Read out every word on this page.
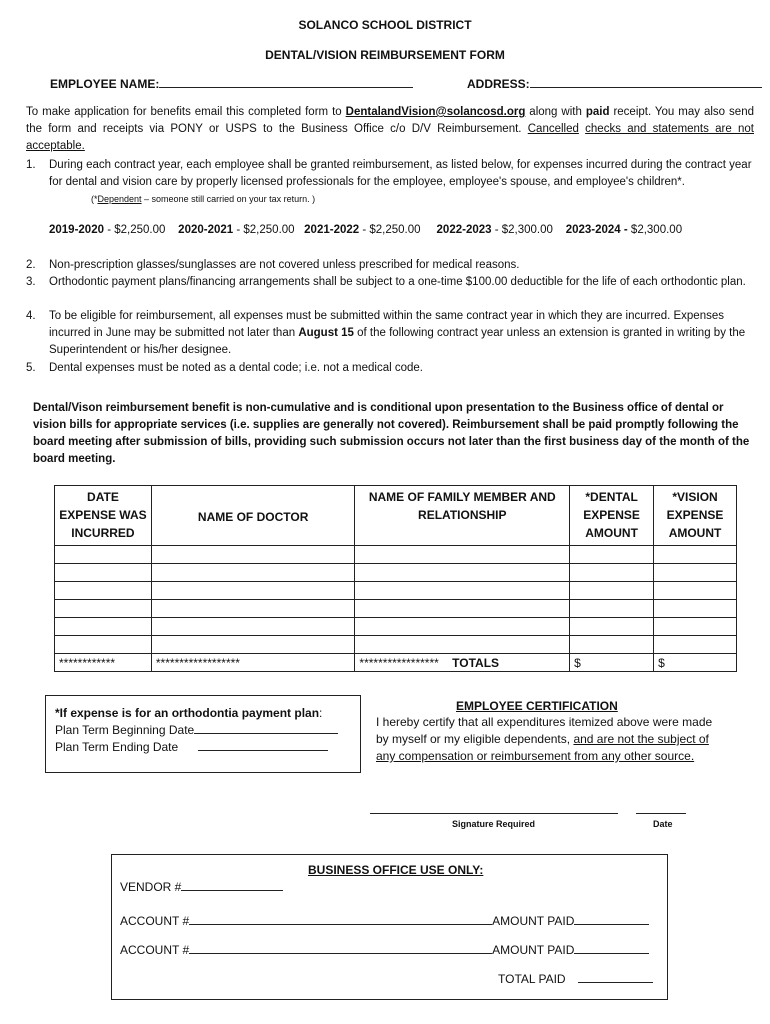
SOLANCO SCHOOL DISTRICT
DENTAL/VISION REIMBURSEMENT FORM
EMPLOYEE NAME:	ADDRESS:
To make application for benefits email this completed form to DentalandVision@solancosd.org along with paid receipt. You may also send the form and receipts via PONY or USPS to the Business Office c/o D/V Reimbursement. Cancelled checks and statements are not acceptable.
1. During each contract year, each employee shall be granted reimbursement, as listed below, for expenses incurred during the contract year for dental and vision care by properly licensed professionals for the employee, employee's spouse, and employee's children*. (*Dependent – someone still carried on your tax return. )
2019-2020 - $2,250.00 2020-2021 - $2,250.00 2021-2022 - $2,250.00 2022-2023 - $2,300.00 2023-2024 - $2,300.00
2. Non-prescription glasses/sunglasses are not covered unless prescribed for medical reasons.
3. Orthodontic payment plans/financing arrangements shall be subject to a one-time $100.00 deductible for the life of each orthodontic plan.
4. To be eligible for reimbursement, all expenses must be submitted within the same contract year in which they are incurred. Expenses incurred in June may be submitted not later than August 15 of the following contract year unless an extension is granted in writing by the Superintendent or his/her designee.
5. Dental expenses must be noted as a dental code; i.e. not a medical code.
Dental/Vison reimbursement benefit is non-cumulative and is conditional upon presentation to the Business office of dental or vision bills for appropriate services (i.e. supplies are generally not covered). Reimbursement shall be paid promptly following the board meeting after submission of bills, providing such submission occurs not later than the first business day of the month of the board meeting.
DATE EXPENSE WAS INCURRED	NAME OF DOCTOR	NAME OF FAMILY MEMBER AND RELATIONSHIP	*DENTAL EXPENSE AMOUNT	*VISION EXPENSE AMOUNT

************	******************	***************** TOTALS	$	$
*If expense is for an orthodontia payment plan:
Plan Term Beginning Date
Plan Term Ending Date
EMPLOYEE CERTIFICATION
I hereby certify that all expenditures itemized above were made by myself or my eligible dependents, and are not the subject of any compensation or reimbursement from any other source.
Signature Required	Date
BUSINESS OFFICE USE ONLY:
VENDOR #
ACCOUNT #	AMOUNT PAID
ACCOUNT #	AMOUNT PAID
TOTAL PAID
